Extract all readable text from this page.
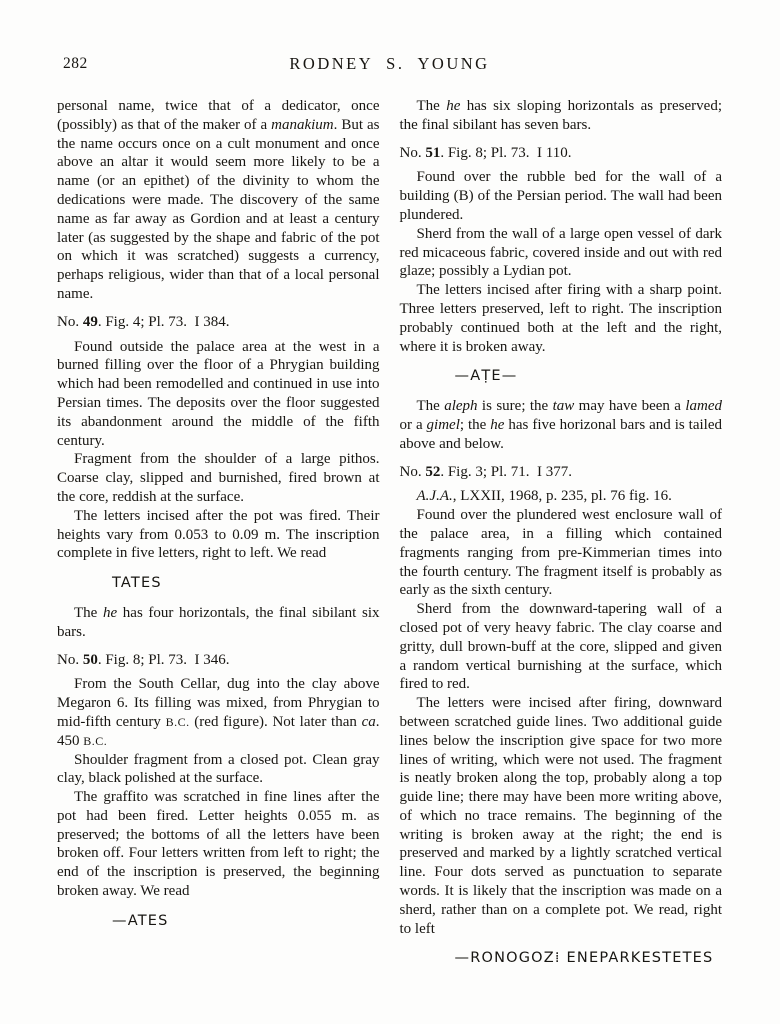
282	RODNEY S. YOUNG

personal name, twice that of a dedicator, once (possibly) as that of the maker of a manakium. But as the name occurs once on a cult monument and once above an altar it would seem more likely to be a name (or an epithet) of the divinity to whom the dedications were made. The discovery of the same name as far away as Gordion and at least a century later (as suggested by the shape and fabric of the pot on which it was scratched) suggests a currency, perhaps religious, wider than that of a local personal name.

No. 49. Fig. 4; Pl. 73.  I 384.

Found outside the palace area at the west in a burned filling over the floor of a Phrygian building which had been remodelled and continued in use into Persian times. The deposits over the floor suggested its abandonment around the middle of the fifth century.

Fragment from the shoulder of a large pithos. Coarse clay, slipped and burnished, fired brown at the core, reddish at the surface.

The letters incised after the pot was fired. Their heights vary from 0.053 to 0.09 m. The inscription complete in five letters, right to left. We read

TATES

The he has four horizontals, the final sibilant six bars.

No. 50. Fig. 8; Pl. 73.  I 346.

From the South Cellar, dug into the clay above Megaron 6. Its filling was mixed, from Phrygian to mid-fifth century B.C. (red figure). Not later than ca. 450 B.C.

Shoulder fragment from a closed pot. Clean gray clay, black polished at the surface.

The graffito was scratched in fine lines after the pot had been fired. Letter heights 0.055 m. as preserved; the bottoms of all the letters have been broken off. Four letters written from left to right; the end of the inscription is preserved, the beginning broken away. We read

—ATES

The he has six sloping horizontals as preserved; the final sibilant has seven bars.

No. 51. Fig. 8; Pl. 73.  I 110.

Found over the rubble bed for the wall of a building (B) of the Persian period. The wall had been plundered.

Sherd from the wall of a large open vessel of dark red micaceous fabric, covered inside and out with red glaze; possibly a Lydian pot.

The letters incised after firing with a sharp point. Three letters preserved, left to right. The inscription probably continued both at the left and the right, where it is broken away.

—AṬE—

The aleph is sure; the taw may have been a lamed or a gimel; the he has five horizonal bars and is tailed above and below.

No. 52. Fig. 3; Pl. 71.  I 377.

A.J.A., LXXII, 1968, p. 235, pl. 76 fig. 16.

Found over the plundered west enclosure wall of the palace area, in a filling which contained fragments ranging from pre-Kimmerian times into the fourth century. The fragment itself is probably as early as the sixth century.

Sherd from the downward-tapering wall of a closed pot of very heavy fabric. The clay coarse and gritty, dull brown-buff at the core, slipped and given a random vertical burnishing at the surface, which fired to red.

The letters were incised after firing, downward between scratched guide lines. Two additional guide lines below the inscription give space for two more lines of writing, which were not used. The fragment is neatly broken along the top, probably along a top guide line; there may have been more writing above, of which no trace remains. The beginning of the writing is broken away at the right; the end is preserved and marked by a lightly scratched vertical line. Four dots served as punctuation to separate words. It is likely that the inscription was made on a sherd, rather than on a complete pot. We read, right to left

—RONOGOZ⁞ ENEPARKESTETES
